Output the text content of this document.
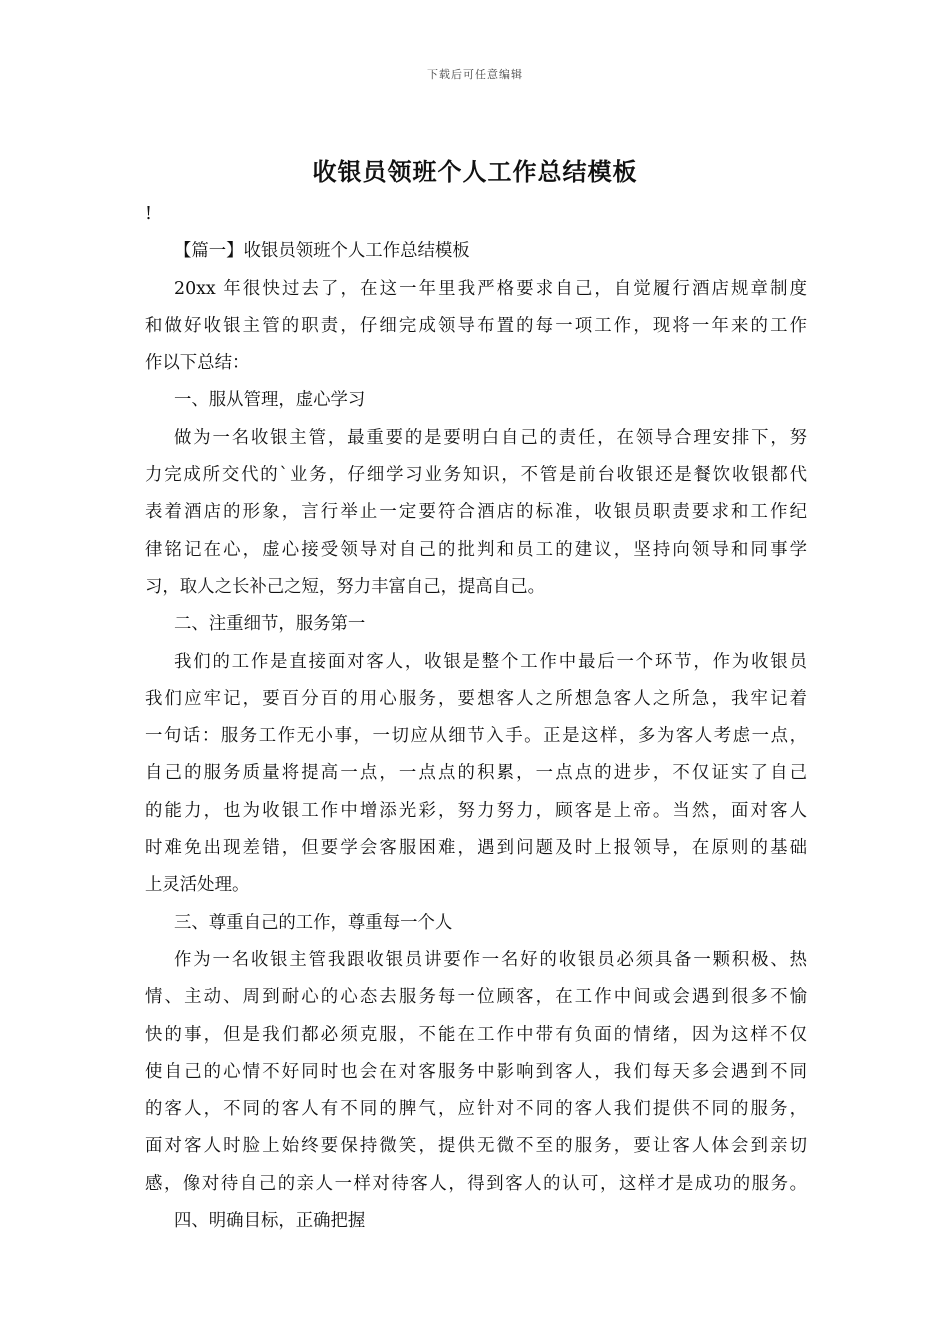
下载后可任意编辑
收银员领班个人工作总结模板

!

【篇一】收银员领班个人工作总结模板

20xx 年很快过去了，在这一年里我严格要求自己，自觉履行酒店规章制度

和做好收银主管的职责，仔细完成领导布置的每一项工作，现将一年来的工作

作以下总结：

一、服从管理，虚心学习

做为一名收银主管，最重要的是要明白自己的责任，在领导合理安排下，努

力完成所交代的`业务，仔细学习业务知识，不管是前台收银还是餐饮收银都代

表着酒店的形象，言行举止一定要符合酒店的标准，收银员职责要求和工作纪

律铭记在心，虚心接受领导对自己的批判和员工的建议，坚持向领导和同事学

习，取人之长补己之短，努力丰富自己，提高自己。

二、注重细节，服务第一

我们的工作是直接面对客人，收银是整个工作中最后一个环节，作为收银员

我们应牢记，要百分百的用心服务，要想客人之所想急客人之所急，我牢记着

一句话：服务工作无小事，一切应从细节入手。正是这样，多为客人考虑一点，

自己的服务质量将提高一点，一点点的积累，一点点的进步，不仅证实了自己

的能力，也为收银工作中增添光彩，努力努力，顾客是上帝。当然，面对客人

时难免出现差错，但要学会客服困难，遇到问题及时上报领导，在原则的基础

上灵活处理。

三、尊重自己的工作，尊重每一个人

作为一名收银主管我跟收银员讲要作一名好的收银员必须具备一颗积极、热

情、主动、周到耐心的心态去服务每一位顾客，在工作中间或会遇到很多不愉

快的事，但是我们都必须克服，不能在工作中带有负面的情绪，因为这样不仅

使自己的心情不好同时也会在对客服务中影响到客人，我们每天多会遇到不同

的客人，不同的客人有不同的脾气，应针对不同的客人我们提供不同的服务，

面对客人时脸上始终要保持微笑，提供无微不至的服务，要让客人体会到亲切

感，像对待自己的亲人一样对待客人，得到客人的认可，这样才是成功的服务。

四、明确目标，正确把握
